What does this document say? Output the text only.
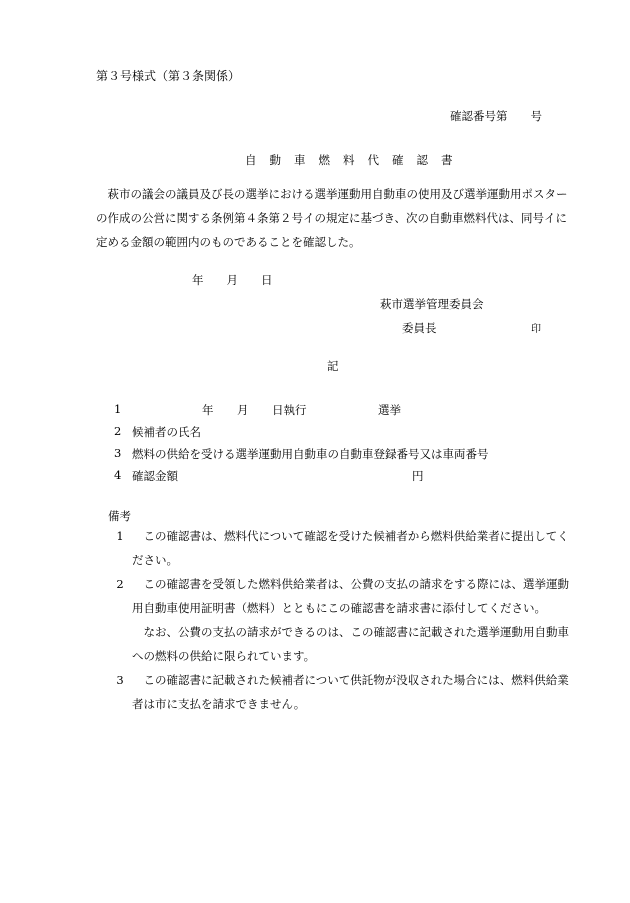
第３号様式（第３条関係）
確認番号第　　号
自動車燃料代確認書

萩市の議会の議員及び長の選挙における選挙運動用自動車の使用及び選挙運動用ポスターの作成の公営に関する条例第４条第２号イの規定に基づき、次の自動車燃料代は、同号イに定める金額の範囲内のものであることを確認した。

年　　月　　日
萩市選挙管理委員会
委員長	印
記
1	年 月 日執行	選挙
2 候補者の氏名
3 燃料の供給を受ける選挙運動用自動車の自動車登録番号又は車両番号
4 確認金額	円
備考
1	この確認書は、燃料代について確認を受けた候補者から燃料供給業者に提出してください。
2	この確認書を受領した燃料供給業者は、公費の支払の請求をする際には、選挙運動用自動車使用証明書（燃料）とともにこの確認書を請求書に添付してください。
なお、公費の支払の請求ができるのは、この確認書に記載された選挙運動用自動車への燃料の供給に限られています。
3	この確認書に記載された候補者について供託物が没収された場合には、燃料供給業者は市に支払を請求できません。
